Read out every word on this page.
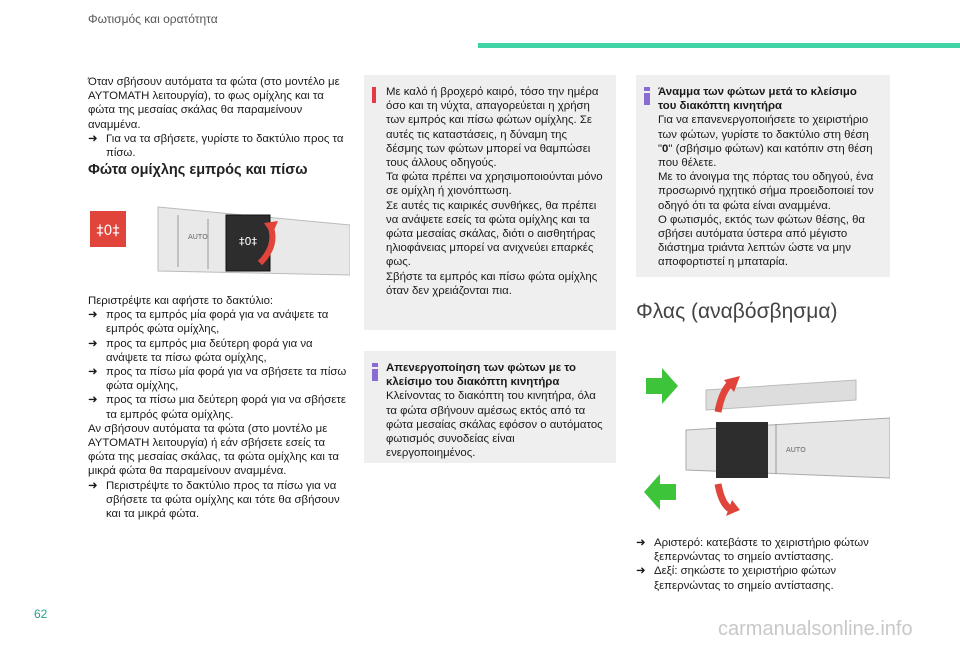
Φωτισμός και ορατότητα

Όταν σβήσουν αυτόματα τα φώτα (στο μοντέλο με ΑΥΤΟΜΑΤΗ λειτουργία), το φως ομίχλης και τα φώτα της μεσαίας σκάλας θα παραμείνουν αναμμένα.

➜ Για να τα σβήσετε, γυρίστε το δακτύλιο προς τα πίσω.
Φώτα ομίχλης εμπρός και πίσω
‡0‡	AUTO	‡0‡

Περιστρέψτε και αφήστε το δακτύλιο:

➜ προς τα εμπρός μία φορά για να ανάψετε τα εμπρός φώτα ομίχλης,
➜ προς τα εμπρός μια δεύτερη φορά για να ανάψετε τα πίσω φώτα ομίχλης,
➜ προς τα πίσω μία φορά για να σβήσετε τα πίσω φώτα ομίχλης,
➜ προς τα πίσω μια δεύτερη φορά για να σβήσετε τα εμπρός φώτα ομίχλης.

Αν σβήσουν αυτόματα τα φώτα (στο μοντέλο με ΑΥΤΟΜΑΤΗ λειτουργία) ή εάν σβήσετε εσείς τα φώτα της μεσαίας σκάλας, τα φώτα ομίχλης και τα μικρά φώτα θα παραμείνουν αναμμένα.

➜ Περιστρέψτε το δακτύλιο προς τα πίσω για να σβήσετε τα φώτα ομίχλης και τότε θα σβήσουν και τα μικρά φώτα.

Με καλό ή βροχερό καιρό, τόσο την ημέρα όσο και τη νύχτα, απαγορεύεται η χρήση των εμπρός και πίσω φώτων ομίχλης. Σε αυτές τις καταστάσεις, η δύναμη της δέσμης των φώτων μπορεί να θαμπώσει τους άλλους οδηγούς.

Τα φώτα πρέπει να χρησιμοποιούνται μόνο σε ομίχλη ή χιονόπτωση.

Σε αυτές τις καιρικές συνθήκες, θα πρέπει να ανάψετε εσείς τα φώτα ομίχλης και τα φώτα μεσαίας σκάλας, διότι ο αισθητήρας ηλιοφάνειας μπορεί να ανιχνεύει επαρκές φως.

Σβήστε τα εμπρός και πίσω φώτα ομίχλης όταν δεν χρειάζονται πια.

Απενεργοποίηση των φώτων με το κλείσιμο του διακόπτη κινητήρα

Κλείνοντας το διακόπτη του κινητήρα, όλα τα φώτα σβήνουν αμέσως εκτός από τα φώτα μεσαίας σκάλας εφόσον ο αυτόματος φωτισμός συνοδείας είναι ενεργοποιημένος.

Άναμμα των φώτων μετά το κλείσιμο του διακόπτη κινητήρα

Για να επανενεργοποιήσετε το χειριστήριο των φώτων, γυρίστε το δακτύλιο στη θέση "0" (σβήσιμο φώτων) και κατόπιν στη θέση που θέλετε.

Με το άνοιγμα της πόρτας του οδηγού, ένα προσωρινό ηχητικό σήμα προειδοποιεί τον οδηγό ότι τα φώτα είναι αναμμένα.

Ο φωτισμός, εκτός των φώτων θέσης, θα σβήσει αυτόματα ύστερα από μέγιστο διάστημα τριάντα λεπτών ώστε να μην αποφορτιστεί η μπαταρία.

Φλας (αναβόσβησμα)
AUTO
➜ Αριστερό: κατεβάστε το χειριστήριο φώτων ξεπερνώντας το σημείο αντίστασης.
➜ Δεξί: σηκώστε το χειριστήριο φώτων ξεπερνώντας το σημείο αντίστασης.
62
carmanualsonline.info
